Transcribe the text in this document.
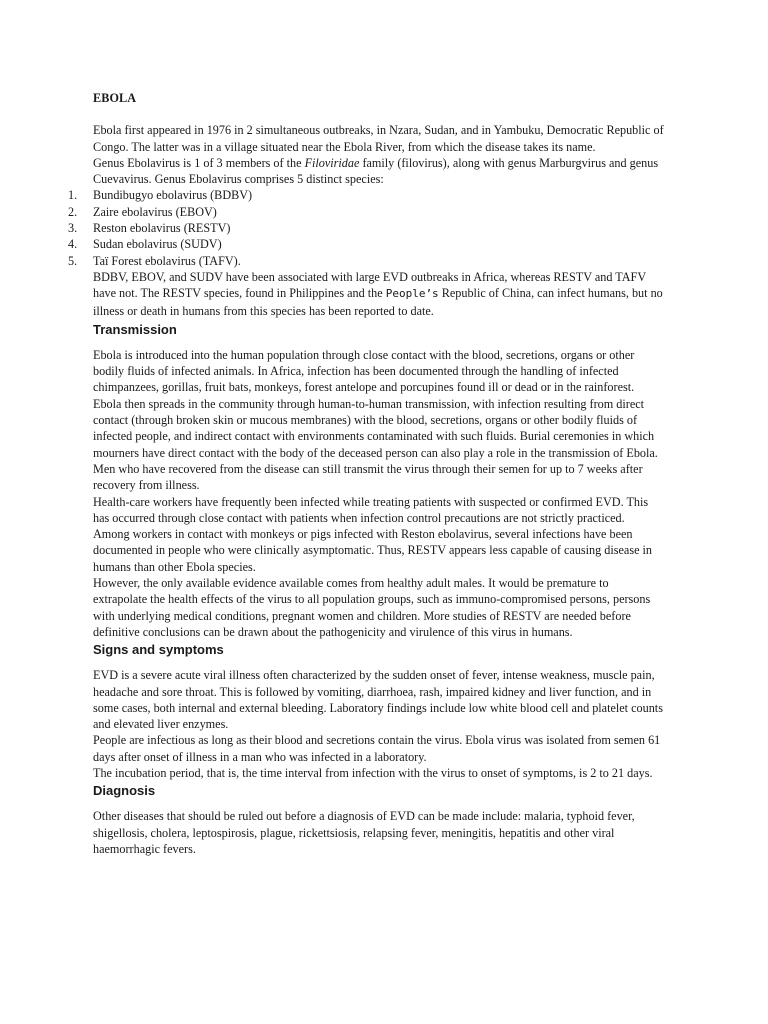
EBOLA

Ebola first appeared in 1976 in 2 simultaneous outbreaks, in Nzara, Sudan, and in Yambuku, Democratic Republic of Congo. The latter was in a village situated near the Ebola River, from which the disease takes its name.

Genus Ebolavirus is 1 of 3 members of the Filoviridae family (filovirus), along with genus Marburgvirus and genus Cuevavirus. Genus Ebolavirus comprises 5 distinct species:

1.	Bundibugyo ebolavirus (BDBV)
2.	Zaire ebolavirus (EBOV)
3.	Reston ebolavirus (RESTV)
4.	Sudan ebolavirus (SUDV)
5.	Taï Forest ebolavirus (TAFV).

BDBV, EBOV, and SUDV have been associated with large EVD outbreaks in Africa, whereas RESTV and TAFV have not. The RESTV species, found in Philippines and the People’s Republic of China, can infect humans, but no illness or death in humans from this species has been reported to date.

Transmission

Ebola is introduced into the human population through close contact with the blood, secretions, organs or other bodily fluids of infected animals. In Africa, infection has been documented through the handling of infected chimpanzees, gorillas, fruit bats, monkeys, forest antelope and porcupines found ill or dead or in the rainforest.

Ebola then spreads in the community through human-to-human transmission, with infection resulting from direct contact (through broken skin or mucous membranes) with the blood, secretions, organs or other bodily fluids of infected people, and indirect contact with environments contaminated with such fluids. Burial ceremonies in which mourners have direct contact with the body of the deceased person can also play a role in the transmission of Ebola. Men who have recovered from the disease can still transmit the virus through their semen for up to 7 weeks after recovery from illness.

Health-care workers have frequently been infected while treating patients with suspected or confirmed EVD. This has occurred through close contact with patients when infection control precautions are not strictly practiced.

Among workers in contact with monkeys or pigs infected with Reston ebolavirus, several infections have been documented in people who were clinically asymptomatic. Thus, RESTV appears less capable of causing disease in humans than other Ebola species.

However, the only available evidence available comes from healthy adult males. It would be premature to extrapolate the health effects of the virus to all population groups, such as immuno-compromised persons, persons with underlying medical conditions, pregnant women and children. More studies of RESTV are needed before definitive conclusions can be drawn about the pathogenicity and virulence of this virus in humans.

Signs and symptoms

EVD is a severe acute viral illness often characterized by the sudden onset of fever, intense weakness, muscle pain, headache and sore throat. This is followed by vomiting, diarrhoea, rash, impaired kidney and liver function, and in some cases, both internal and external bleeding. Laboratory findings include low white blood cell and platelet counts and elevated liver enzymes.

People are infectious as long as their blood and secretions contain the virus. Ebola virus was isolated from semen 61 days after onset of illness in a man who was infected in a laboratory.

The incubation period, that is, the time interval from infection with the virus to onset of symptoms, is 2 to 21 days.

Diagnosis

Other diseases that should be ruled out before a diagnosis of EVD can be made include: malaria, typhoid fever, shigellosis, cholera, leptospirosis, plague, rickettsiosis, relapsing fever, meningitis, hepatitis and other viral haemorrhagic fevers.
